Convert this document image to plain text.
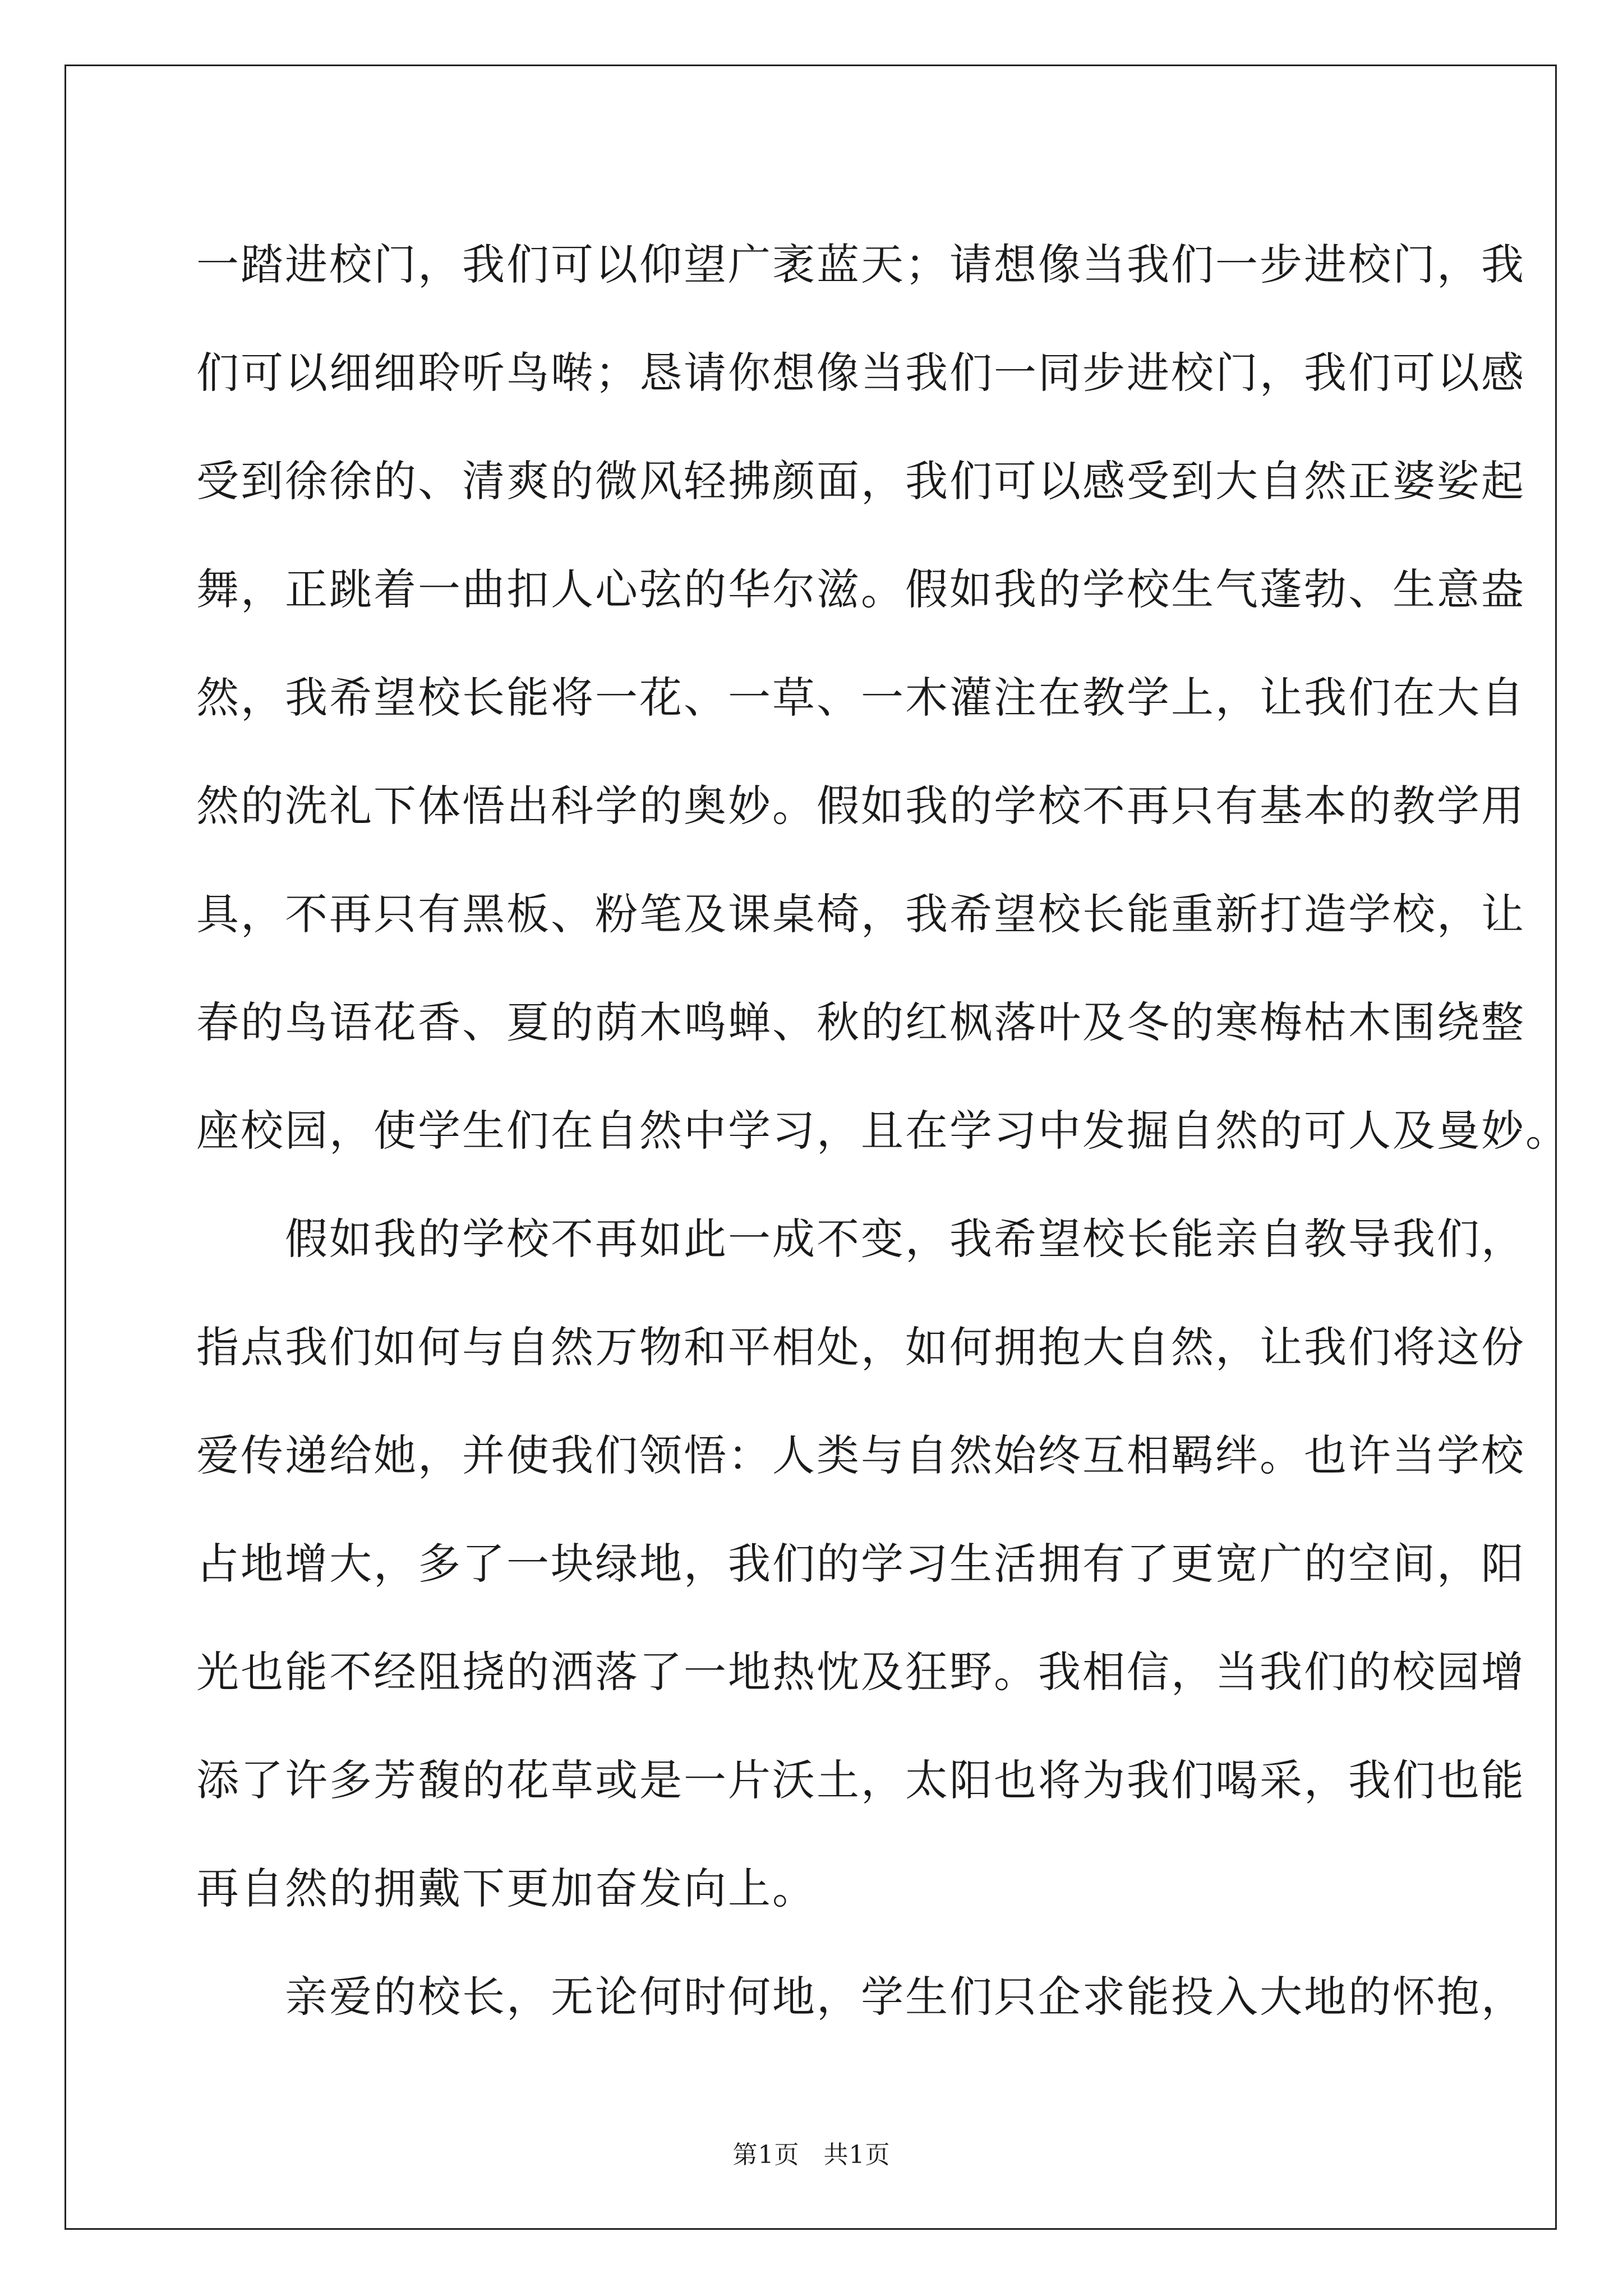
一踏进校门，我们可以仰望广袤蓝天；请想像当我们一步进校门，我
们可以细细聆听鸟啭；恳请你想像当我们一同步进校门，我们可以感
受到徐徐的、清爽的微风轻拂颜面，我们可以感受到大自然正婆娑起
舞，正跳着一曲扣人心弦的华尔滋。假如我的学校生气蓬勃、生意盎
然，我希望校长能将一花、一草、一木灌注在教学上，让我们在大自
然的洗礼下体悟出科学的奥妙。假如我的学校不再只有基本的教学用
具，不再只有黑板、粉笔及课桌椅，我希望校长能重新打造学校，让
春的鸟语花香、夏的荫木鸣蝉、秋的红枫落叶及冬的寒梅枯木围绕整
座校园，使学生们在自然中学习，且在学习中发掘自然的可人及曼妙。

　　假如我的学校不再如此一成不变，我希望校长能亲自教导我们，
指点我们如何与自然万物和平相处，如何拥抱大自然，让我们将这份
爱传递给她，并使我们领悟：人类与自然始终互相羁绊。也许当学校
占地增大，多了一块绿地，我们的学习生活拥有了更宽广的空间，阳
光也能不经阻挠的洒落了一地热忱及狂野。我相信，当我们的校园增
添了许多芳馥的花草或是一片沃土，太阳也将为我们喝采，我们也能
再自然的拥戴下更加奋发向上。

　　亲爱的校长，无论何时何地，学生们只企求能投入大地的怀抱，

第1页 共1页
